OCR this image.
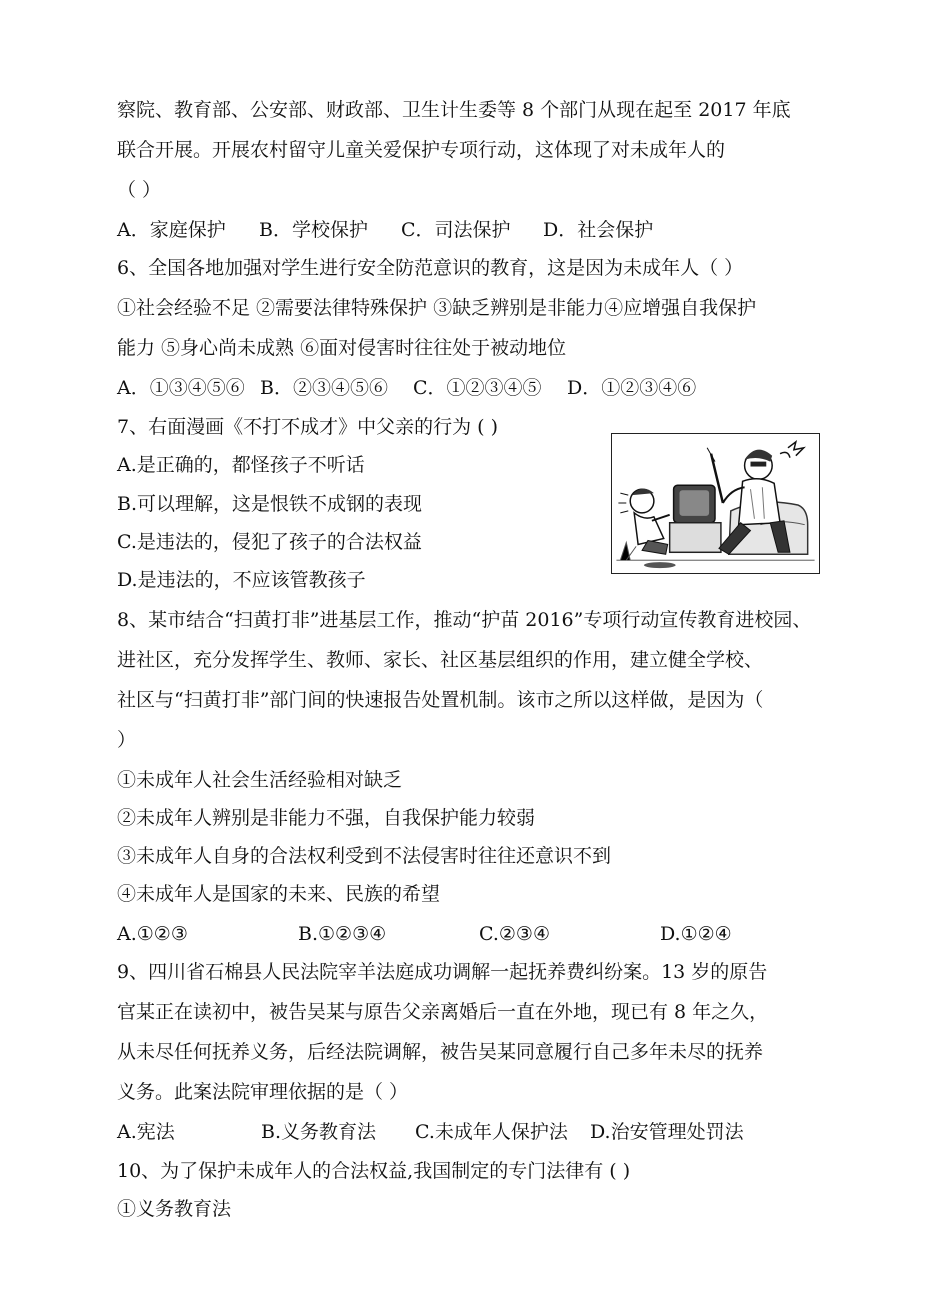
察院、教育部、公安部、财政部、卫生计生委等 8 个部门从现在起至 2017 年底
联合开展。开展农村留守儿童关爱保护专项行动，这体现了对未成年人的
（ ）
A．家庭保护 B．学校保护 C．司法保护 D．社会保护
6、全国各地加强对学生进行安全防范意识的教育，这是因为未成年人（ ）
①社会经验不足 ②需要法律特殊保护 ③缺乏辨别是非能力④应增强自我保护
能力 ⑤身心尚未成熟 ⑥面对侵害时往往处于被动地位
A．①③④⑤⑥ B．②③④⑤⑥ C．①②③④⑤ D．①②③④⑥
7、右面漫画《不打不成才》中父亲的行为 ( )
A.是正确的，都怪孩子不听话
B.可以理解，这是恨铁不成钢的表现
C.是违法的，侵犯了孩子的合法权益
D.是违法的，不应该管教孩子
8、某市结合“扫黄打非”进基层工作，推动“护苗 2016”专项行动宣传教育进校园、
进社区，充分发挥学生、教师、家长、社区基层组织的作用，建立健全学校、
社区与“扫黄打非”部门间的快速报告处置机制。该市之所以这样做，是因为（
）
①未成年人社会生活经验相对缺乏
②未成年人辨别是非能力不强，自我保护能力较弱
③未成年人自身的合法权利受到不法侵害时往往还意识不到
④未成年人是国家的未来、民族的希望
A.①②③	B.①②③④	C.②③④	D.①②④
9、四川省石棉县人民法院宰羊法庭成功调解一起抚养费纠纷案。13 岁的原告
官某正在读初中，被告吴某与原告父亲离婚后一直在外地，现已有 8 年之久，
从未尽任何抚养义务，后经法院调解，被告吴某同意履行自己多年未尽的抚养
义务。此案法院审理依据的是（ ）
A.宪法	B.义务教育法 C.未成年人保护法 D.治安管理处罚法
10、为了保护未成年人的合法权益,我国制定的专门法律有 ( )
①义务教育法
